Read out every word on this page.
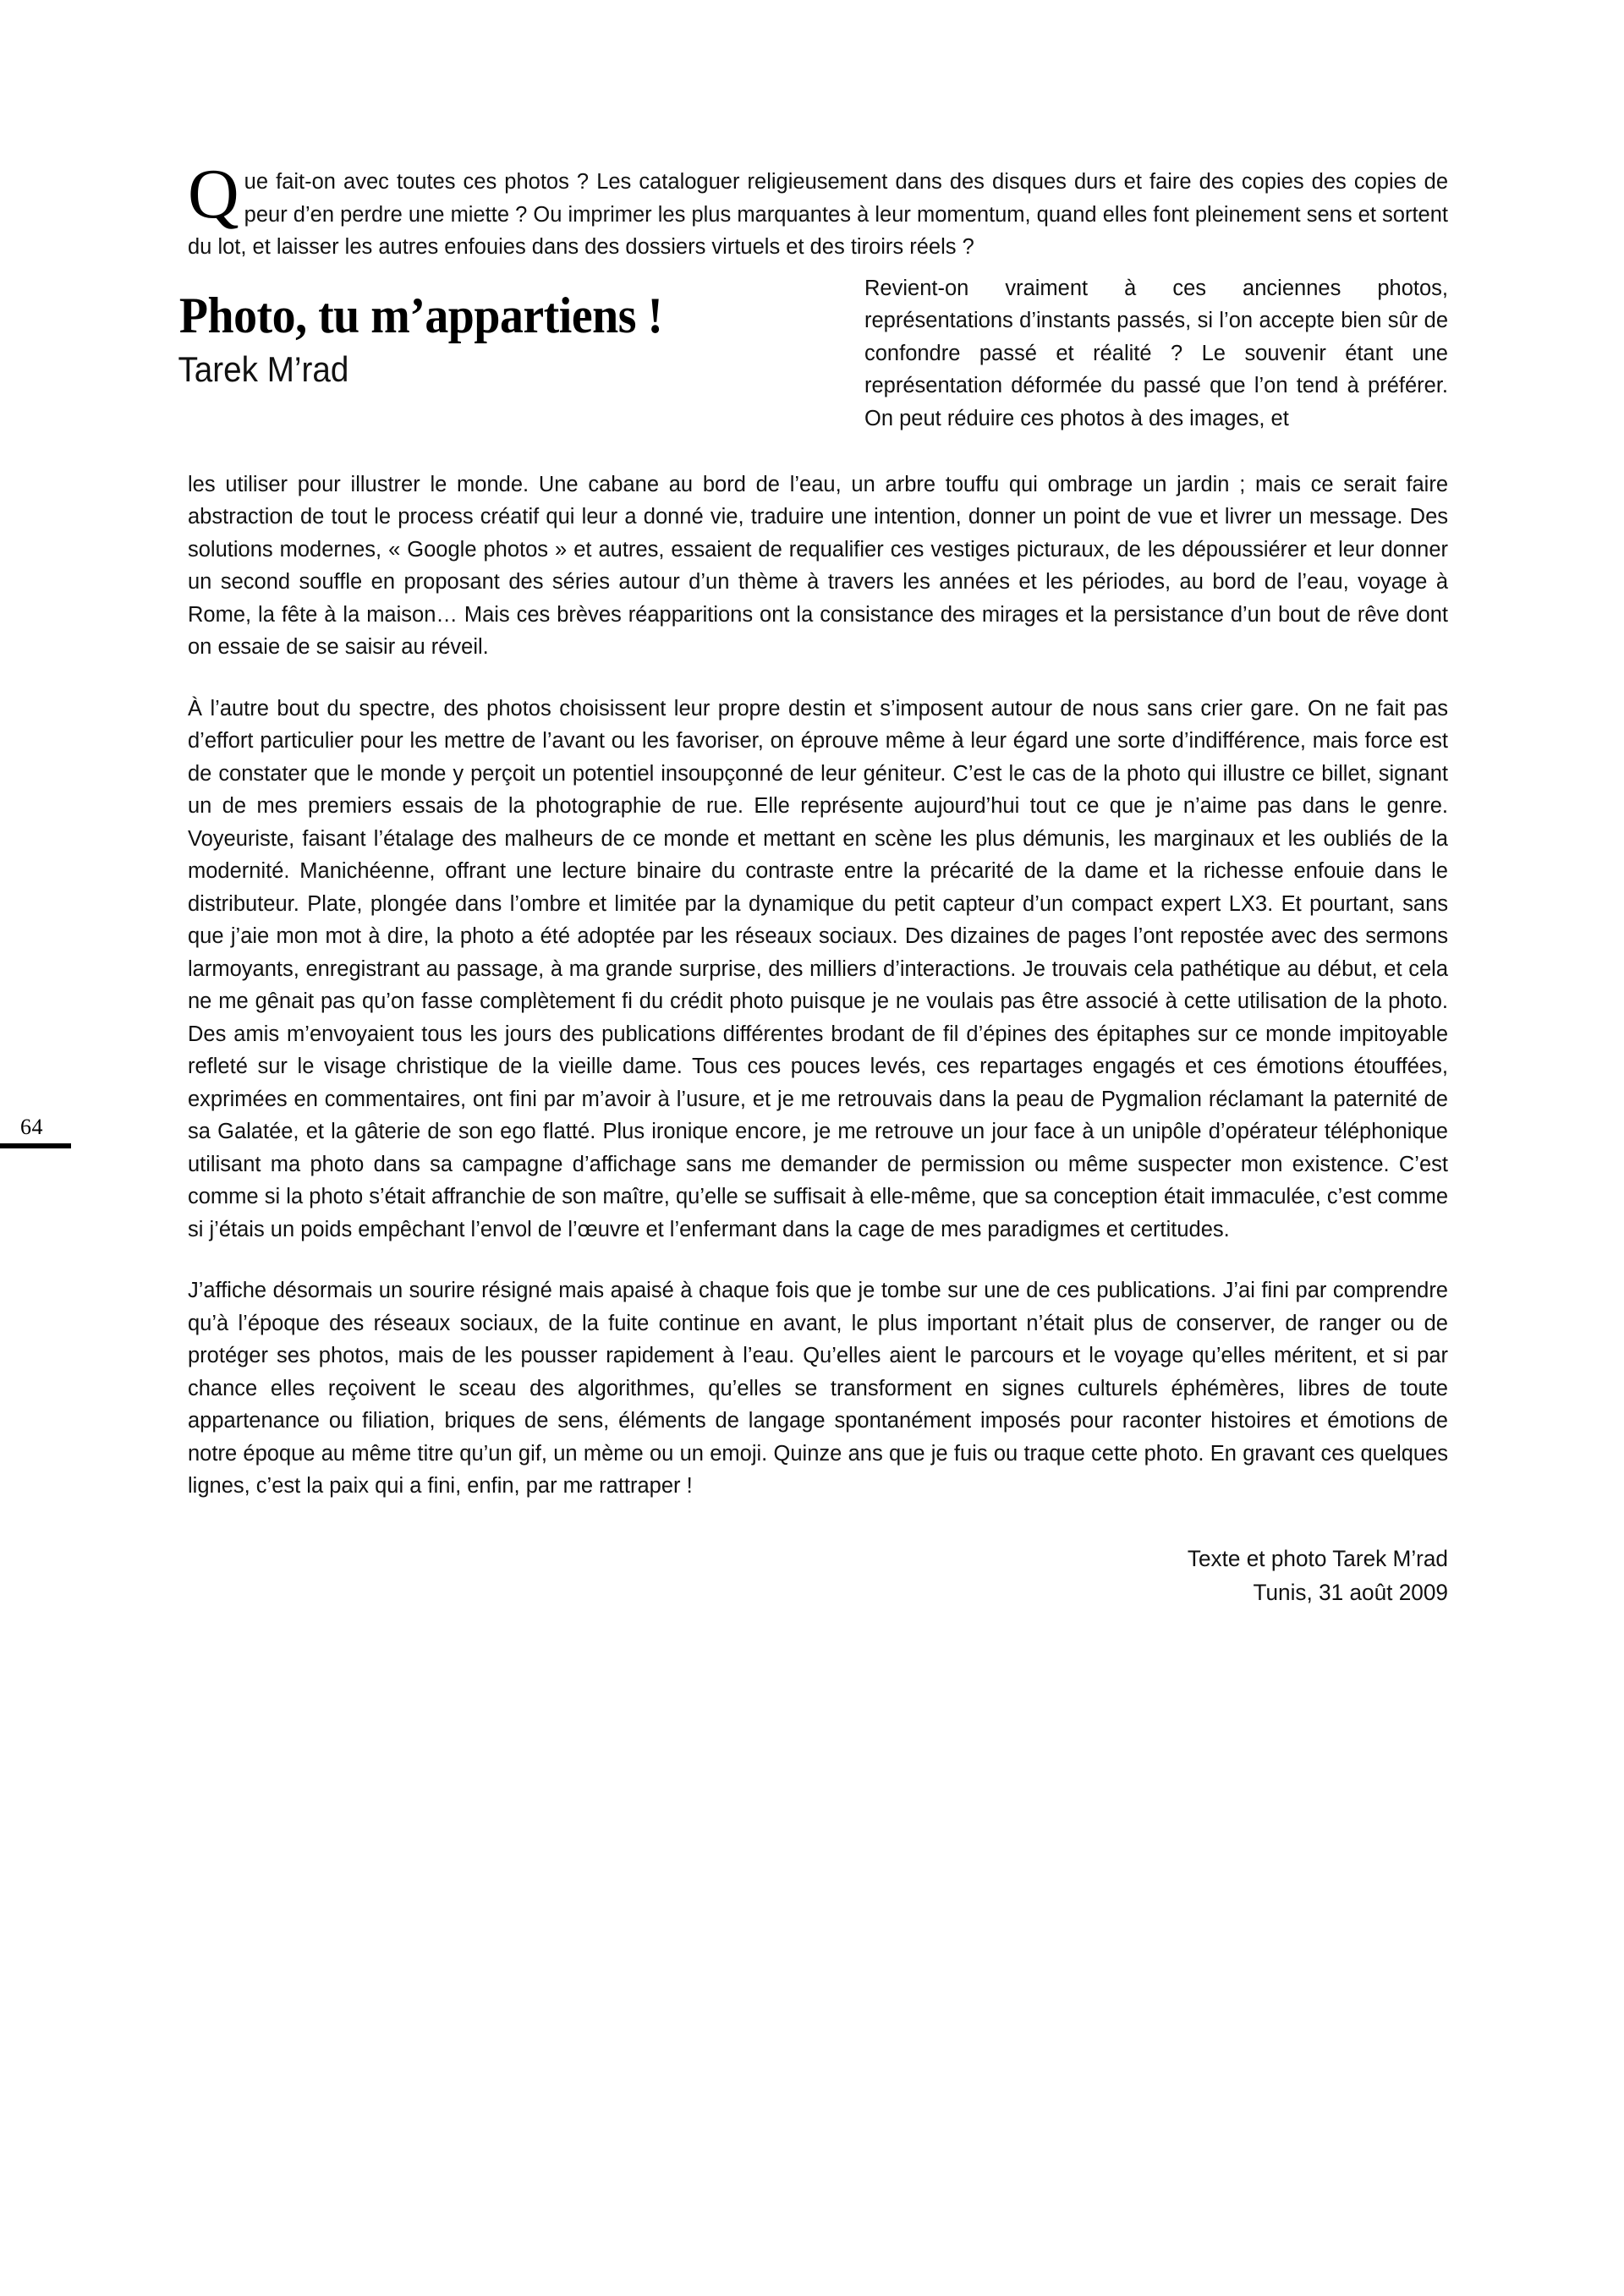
64
Q ue fait-on avec toutes ces photos ? Les cataloguer religieusement dans des disques durs et faire des copies des copies de peur d’en perdre une miette ? Ou imprimer les plus marquantes à leur momentum, quand elles font pleinement sens et sortent du lot, et laisser les autres enfouies dans des dossiers virtuels et des tiroirs réels ?

Photo, tu m’appartiens !
Tarek M’rad

Revient-on vraiment à ces anciennes photos, représentations d’instants passés, si l’on accepte bien sûr de confondre passé et réalité ? Le souvenir étant une représentation déformée du passé que l’on tend à préférer. On peut réduire ces photos à des images, et

les utiliser pour illustrer le monde. Une cabane au bord de l’eau, un arbre touffu qui ombrage un jardin ; mais ce serait faire abstraction de tout le process créatif qui leur a donné vie, traduire une intention, donner un point de vue et livrer un message. Des solutions modernes, « Google photos » et autres, essaient de requalifier ces vestiges picturaux, de les dépoussiérer et leur donner un second souffle en proposant des séries autour d’un thème à travers les années et les périodes, au bord de l’eau, voyage à Rome, la fête à la maison… Mais ces brèves réapparitions ont la consistance des mirages et la persistance d’un bout de rêve dont on essaie de se saisir au réveil.

À l’autre bout du spectre, des photos choisissent leur propre destin et s’imposent autour de nous sans crier gare. On ne fait pas d’effort particulier pour les mettre de l’avant ou les favoriser, on éprouve même à leur égard une sorte d’indifférence, mais force est de constater que le monde y perçoit un potentiel insoupçonné de leur géniteur. C’est le cas de la photo qui illustre ce billet, signant un de mes premiers essais de la photographie de rue. Elle représente aujourd’hui tout ce que je n’aime pas dans le genre. Voyeuriste, faisant l’étalage des malheurs de ce monde et mettant en scène les plus démunis, les marginaux et les oubliés de la modernité. Manichéenne, offrant une lecture binaire du contraste entre la précarité de la dame et la richesse enfouie dans le distributeur. Plate, plongée dans l’ombre et limitée par la dynamique du petit capteur d’un compact expert LX3. Et pourtant, sans que j’aie mon mot à dire, la photo a été adoptée par les réseaux sociaux. Des dizaines de pages l’ont repostée avec des sermons larmoyants, enregistrant au passage, à ma grande surprise, des milliers d’interactions. Je trouvais cela pathétique au début, et cela ne me gênait pas qu’on fasse complètement fi du crédit photo puisque je ne voulais pas être associé à cette utilisation de la photo. Des amis m’envoyaient tous les jours des publications différentes brodant de fil d’épines des épitaphes sur ce monde impitoyable refleté sur le visage christique de la vieille dame. Tous ces pouces levés, ces repartages engagés et ces émotions étouffées, exprimées en commentaires, ont fini par m’avoir à l’usure, et je me retrouvais dans la peau de Pygmalion réclamant la paternité de sa Galatée, et la gâterie de son ego flatté. Plus ironique encore, je me retrouve un jour face à un unipôle d’opérateur téléphonique utilisant ma photo dans sa campagne d’affichage sans me demander de permission ou même suspecter mon existence. C’est comme si la photo s’était affranchie de son maître, qu’elle se suffisait à elle-même, que sa conception était immaculée, c’est comme si j’étais un poids empêchant l’envol de l’œuvre et l’enfermant dans la cage de mes paradigmes et certitudes.

J’affiche désormais un sourire résigné mais apaisé à chaque fois que je tombe sur une de ces publications. J’ai fini par comprendre qu’à l’époque des réseaux sociaux, de la fuite continue en avant, le plus important n’était plus de conserver, de ranger ou de protéger ses photos, mais de les pousser rapidement à l’eau. Qu’elles aient le parcours et le voyage qu’elles méritent, et si par chance elles reçoivent le sceau des algorithmes, qu’elles se transforment en signes culturels éphémères, libres de toute appartenance ou filiation, briques de sens, éléments de langage spontanément imposés pour raconter histoires et émotions de notre époque au même titre qu’un gif, un mème ou un emoji. Quinze ans que je fuis ou traque cette photo. En gravant ces quelques lignes, c’est la paix qui a fini, enfin, par me rattraper !

Texte et photo Tarek M’rad
Tunis, 31 août 2009
